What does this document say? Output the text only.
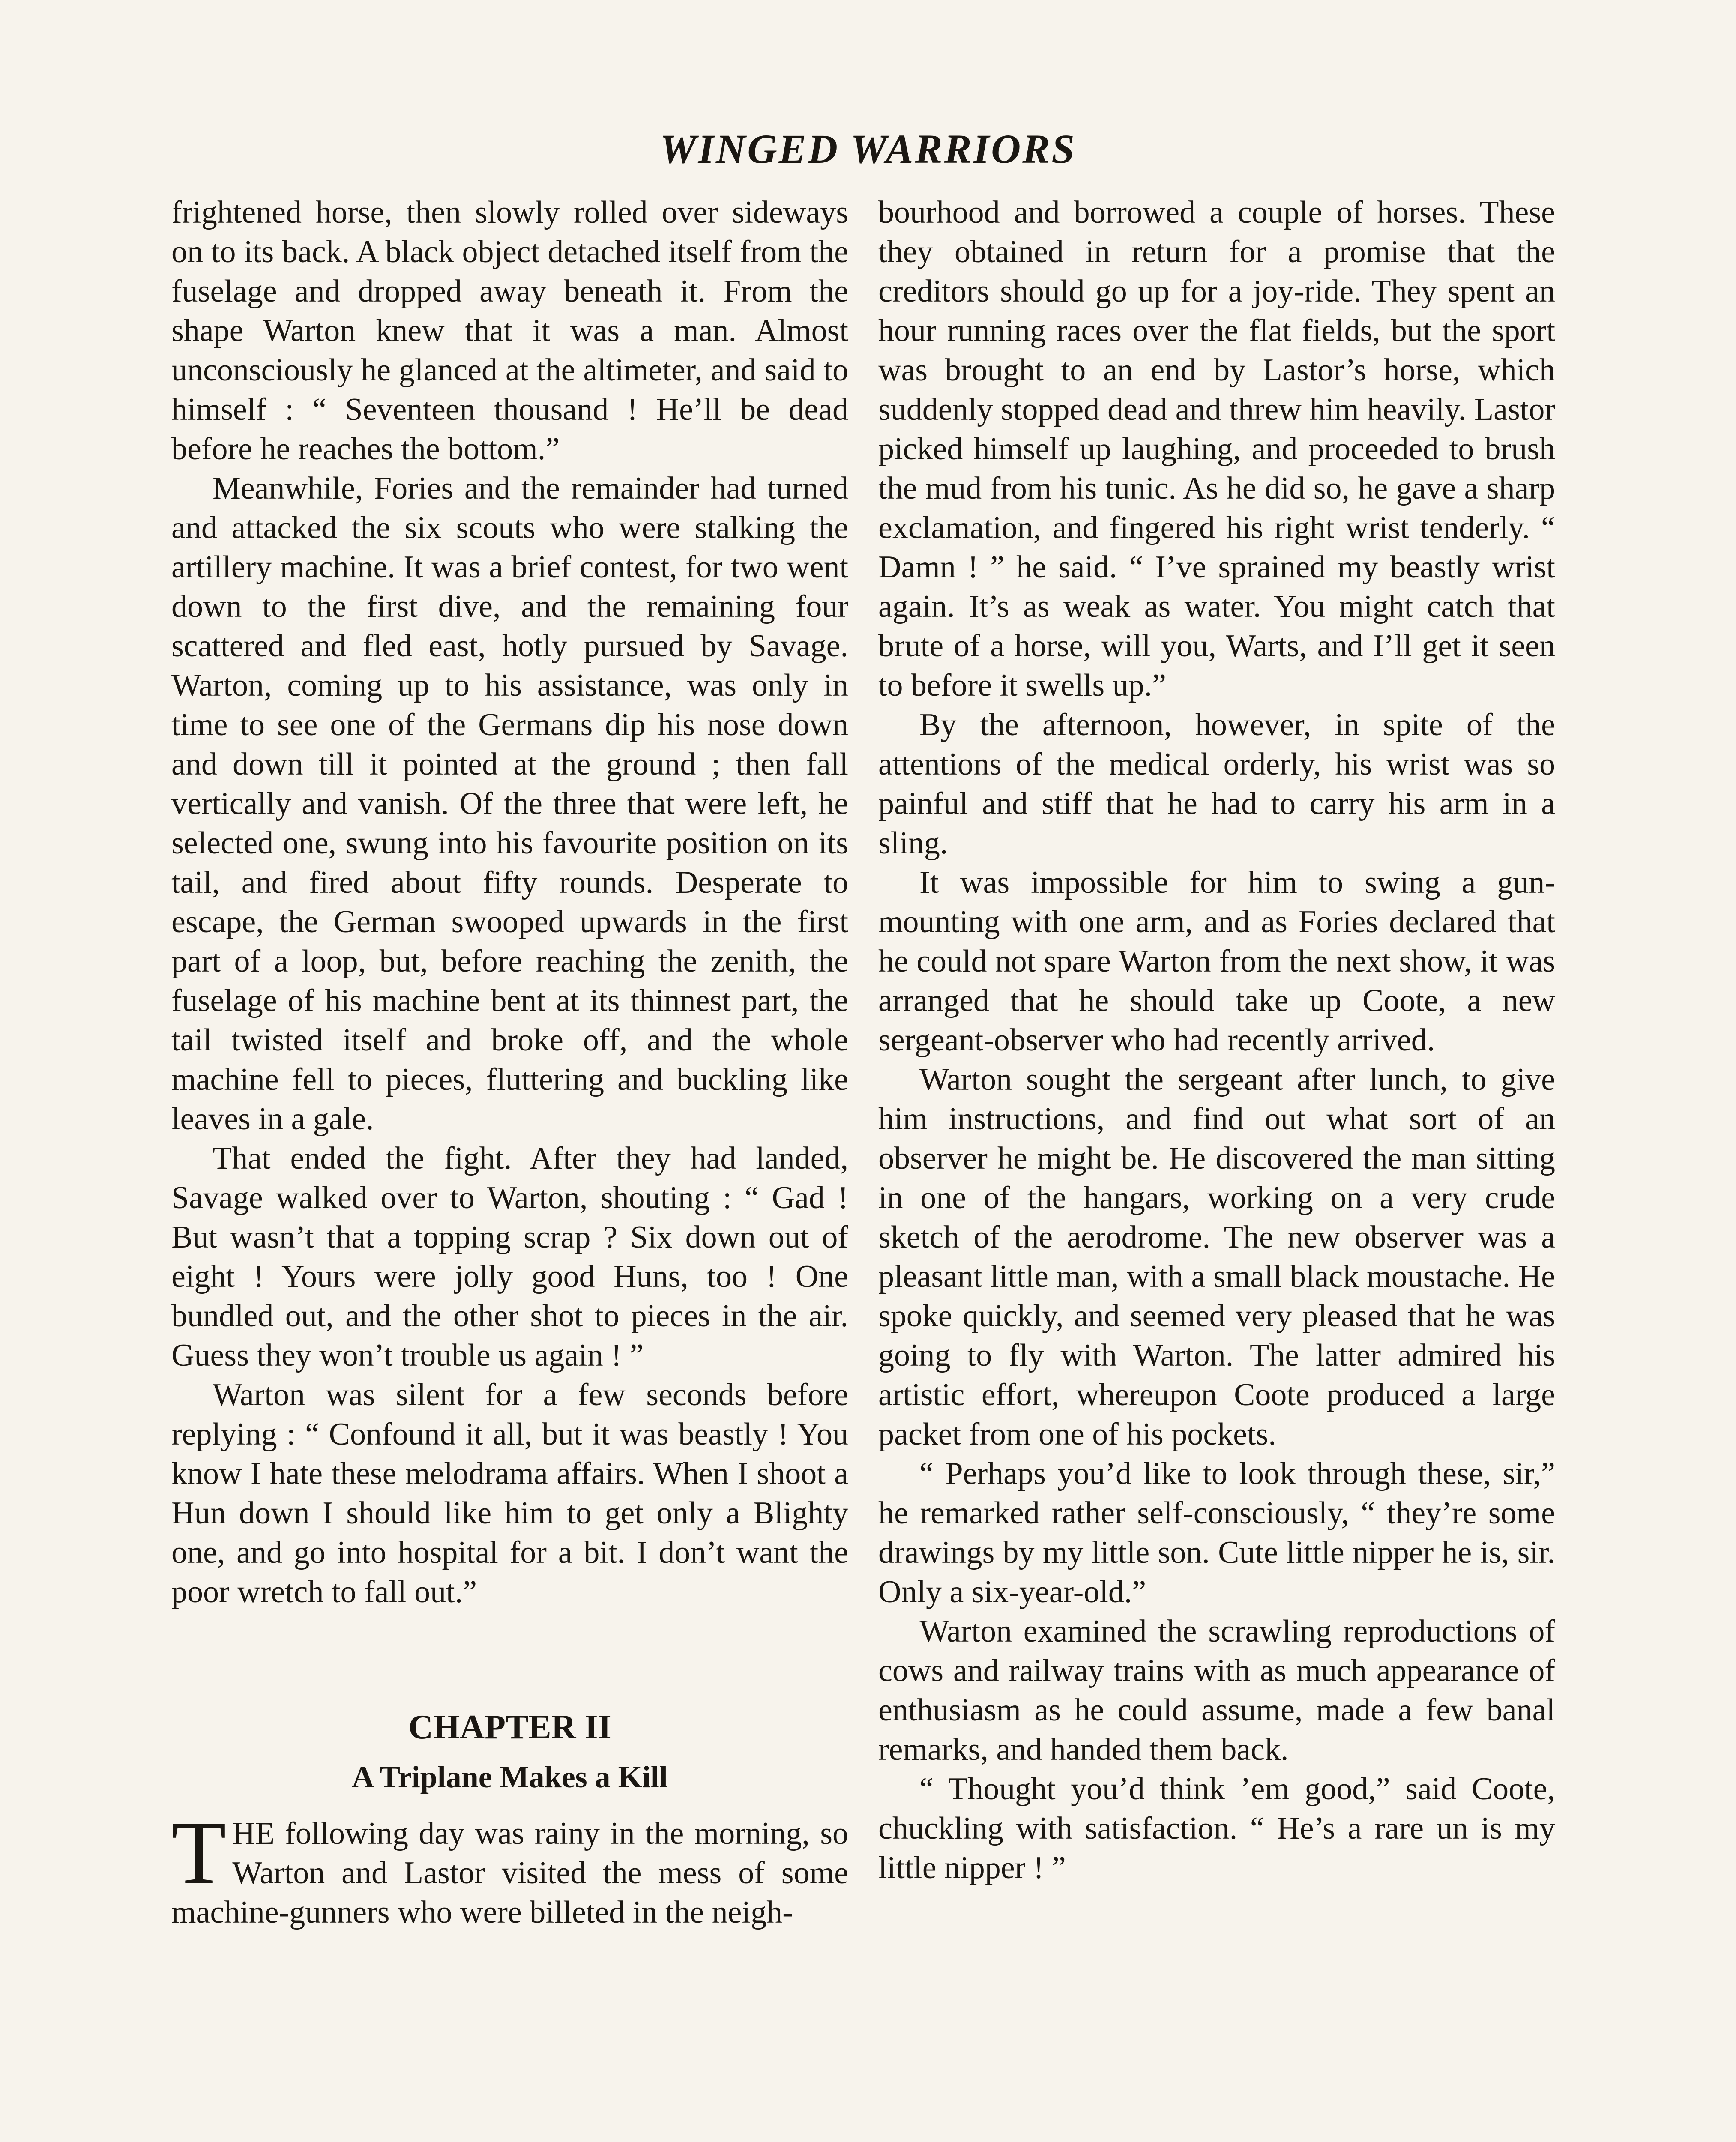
WINGED WARRIORS

frightened horse, then slowly rolled over sideways on to its back. A black object detached itself from the fuselage and dropped away beneath it. From the shape Warton knew that it was a man. Almost unconsciously he glanced at the altimeter, and said to himself : “ Seventeen thousand ! He’ll be dead before he reaches the bottom.”

Meanwhile, Fories and the remainder had turned and attacked the six scouts who were stalking the artillery machine. It was a brief contest, for two went down to the first dive, and the remaining four scattered and fled east, hotly pursued by Savage. Warton, coming up to his assistance, was only in time to see one of the Germans dip his nose down and down till it pointed at the ground ; then fall vertically and vanish. Of the three that were left, he selected one, swung into his favourite position on its tail, and fired about fifty rounds. Desperate to escape, the German swooped upwards in the first part of a loop, but, before reaching the zenith, the fuselage of his machine bent at its thinnest part, the tail twisted itself and broke off, and the whole machine fell to pieces, fluttering and buckling like leaves in a gale.

That ended the fight. After they had landed, Savage walked over to Warton, shouting : “ Gad ! But wasn’t that a topping scrap ? Six down out of eight ! Yours were jolly good Huns, too ! One bundled out, and the other shot to pieces in the air. Guess they won’t trouble us again ! ”

Warton was silent for a few seconds before replying : “ Confound it all, but it was beastly ! You know I hate these melodrama affairs. When I shoot a Hun down I should like him to get only a Blighty one, and go into hospital for a bit. I don’t want the poor wretch to fall out.”

CHAPTER II
A Triplane Makes a Kill

THE following day was rainy in the morning, so Warton and Lastor visited the mess of some machine-gunners who were billeted in the neigh-

bourhood and borrowed a couple of horses. These they obtained in return for a promise that the creditors should go up for a joy-ride. They spent an hour running races over the flat fields, but the sport was brought to an end by Lastor’s horse, which suddenly stopped dead and threw him heavily. Lastor picked himself up laughing, and proceeded to brush the mud from his tunic. As he did so, he gave a sharp exclamation, and fingered his right wrist tenderly. “ Damn ! ” he said. “ I’ve sprained my beastly wrist again. It’s as weak as water. You might catch that brute of a horse, will you, Warts, and I’ll get it seen to before it swells up.”

By the afternoon, however, in spite of the attentions of the medical orderly, his wrist was so painful and stiff that he had to carry his arm in a sling.

It was impossible for him to swing a gun-mounting with one arm, and as Fories declared that he could not spare Warton from the next show, it was arranged that he should take up Coote, a new sergeant-observer who had recently arrived.

Warton sought the sergeant after lunch, to give him instructions, and find out what sort of an observer he might be. He discovered the man sitting in one of the hangars, working on a very crude sketch of the aerodrome. The new observer was a pleasant little man, with a small black moustache. He spoke quickly, and seemed very pleased that he was going to fly with Warton. The latter admired his artistic effort, whereupon Coote produced a large packet from one of his pockets.

“ Perhaps you’d like to look through these, sir,” he remarked rather self-consciously, “ they’re some drawings by my little son. Cute little nipper he is, sir. Only a six-year-old.”

Warton examined the scrawling reproductions of cows and railway trains with as much appearance of enthusiasm as he could assume, made a few banal remarks, and handed them back.

“ Thought you’d think ’em good,” said Coote, chuckling with satisfaction. “ He’s a rare un is my little nipper ! ”
